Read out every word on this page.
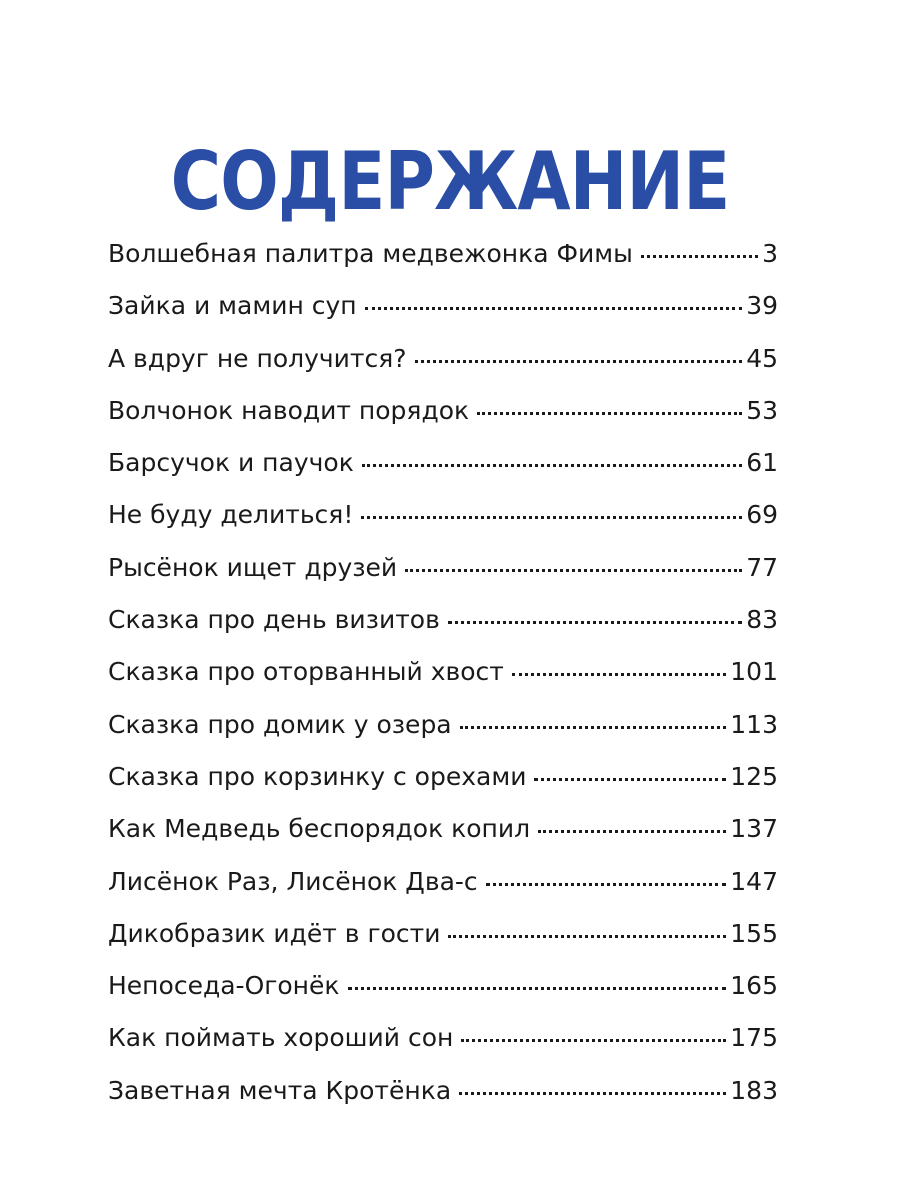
СОДЕРЖАНИЕ
Волшебная палитра медвежонка Фимы	3
Зайка и мамин суп	39
А вдруг не получится?	45
Волчонок наводит порядок	53
Барсучок и паучок	61
Не буду делиться!	69
Рысёнок ищет друзей	77
Сказка про день визитов	83
Сказка про оторванный хвост	101
Сказка про домик у озера	113
Сказка про корзинку с орехами	125
Как Медведь беспорядок копил	137
Лисёнок Раз, Лисёнок Два-с	147
Дикобразик идёт в гости	155
Непоседа-Огонёк	165
Как поймать хороший сон	175
Заветная мечта Кротёнка	183
